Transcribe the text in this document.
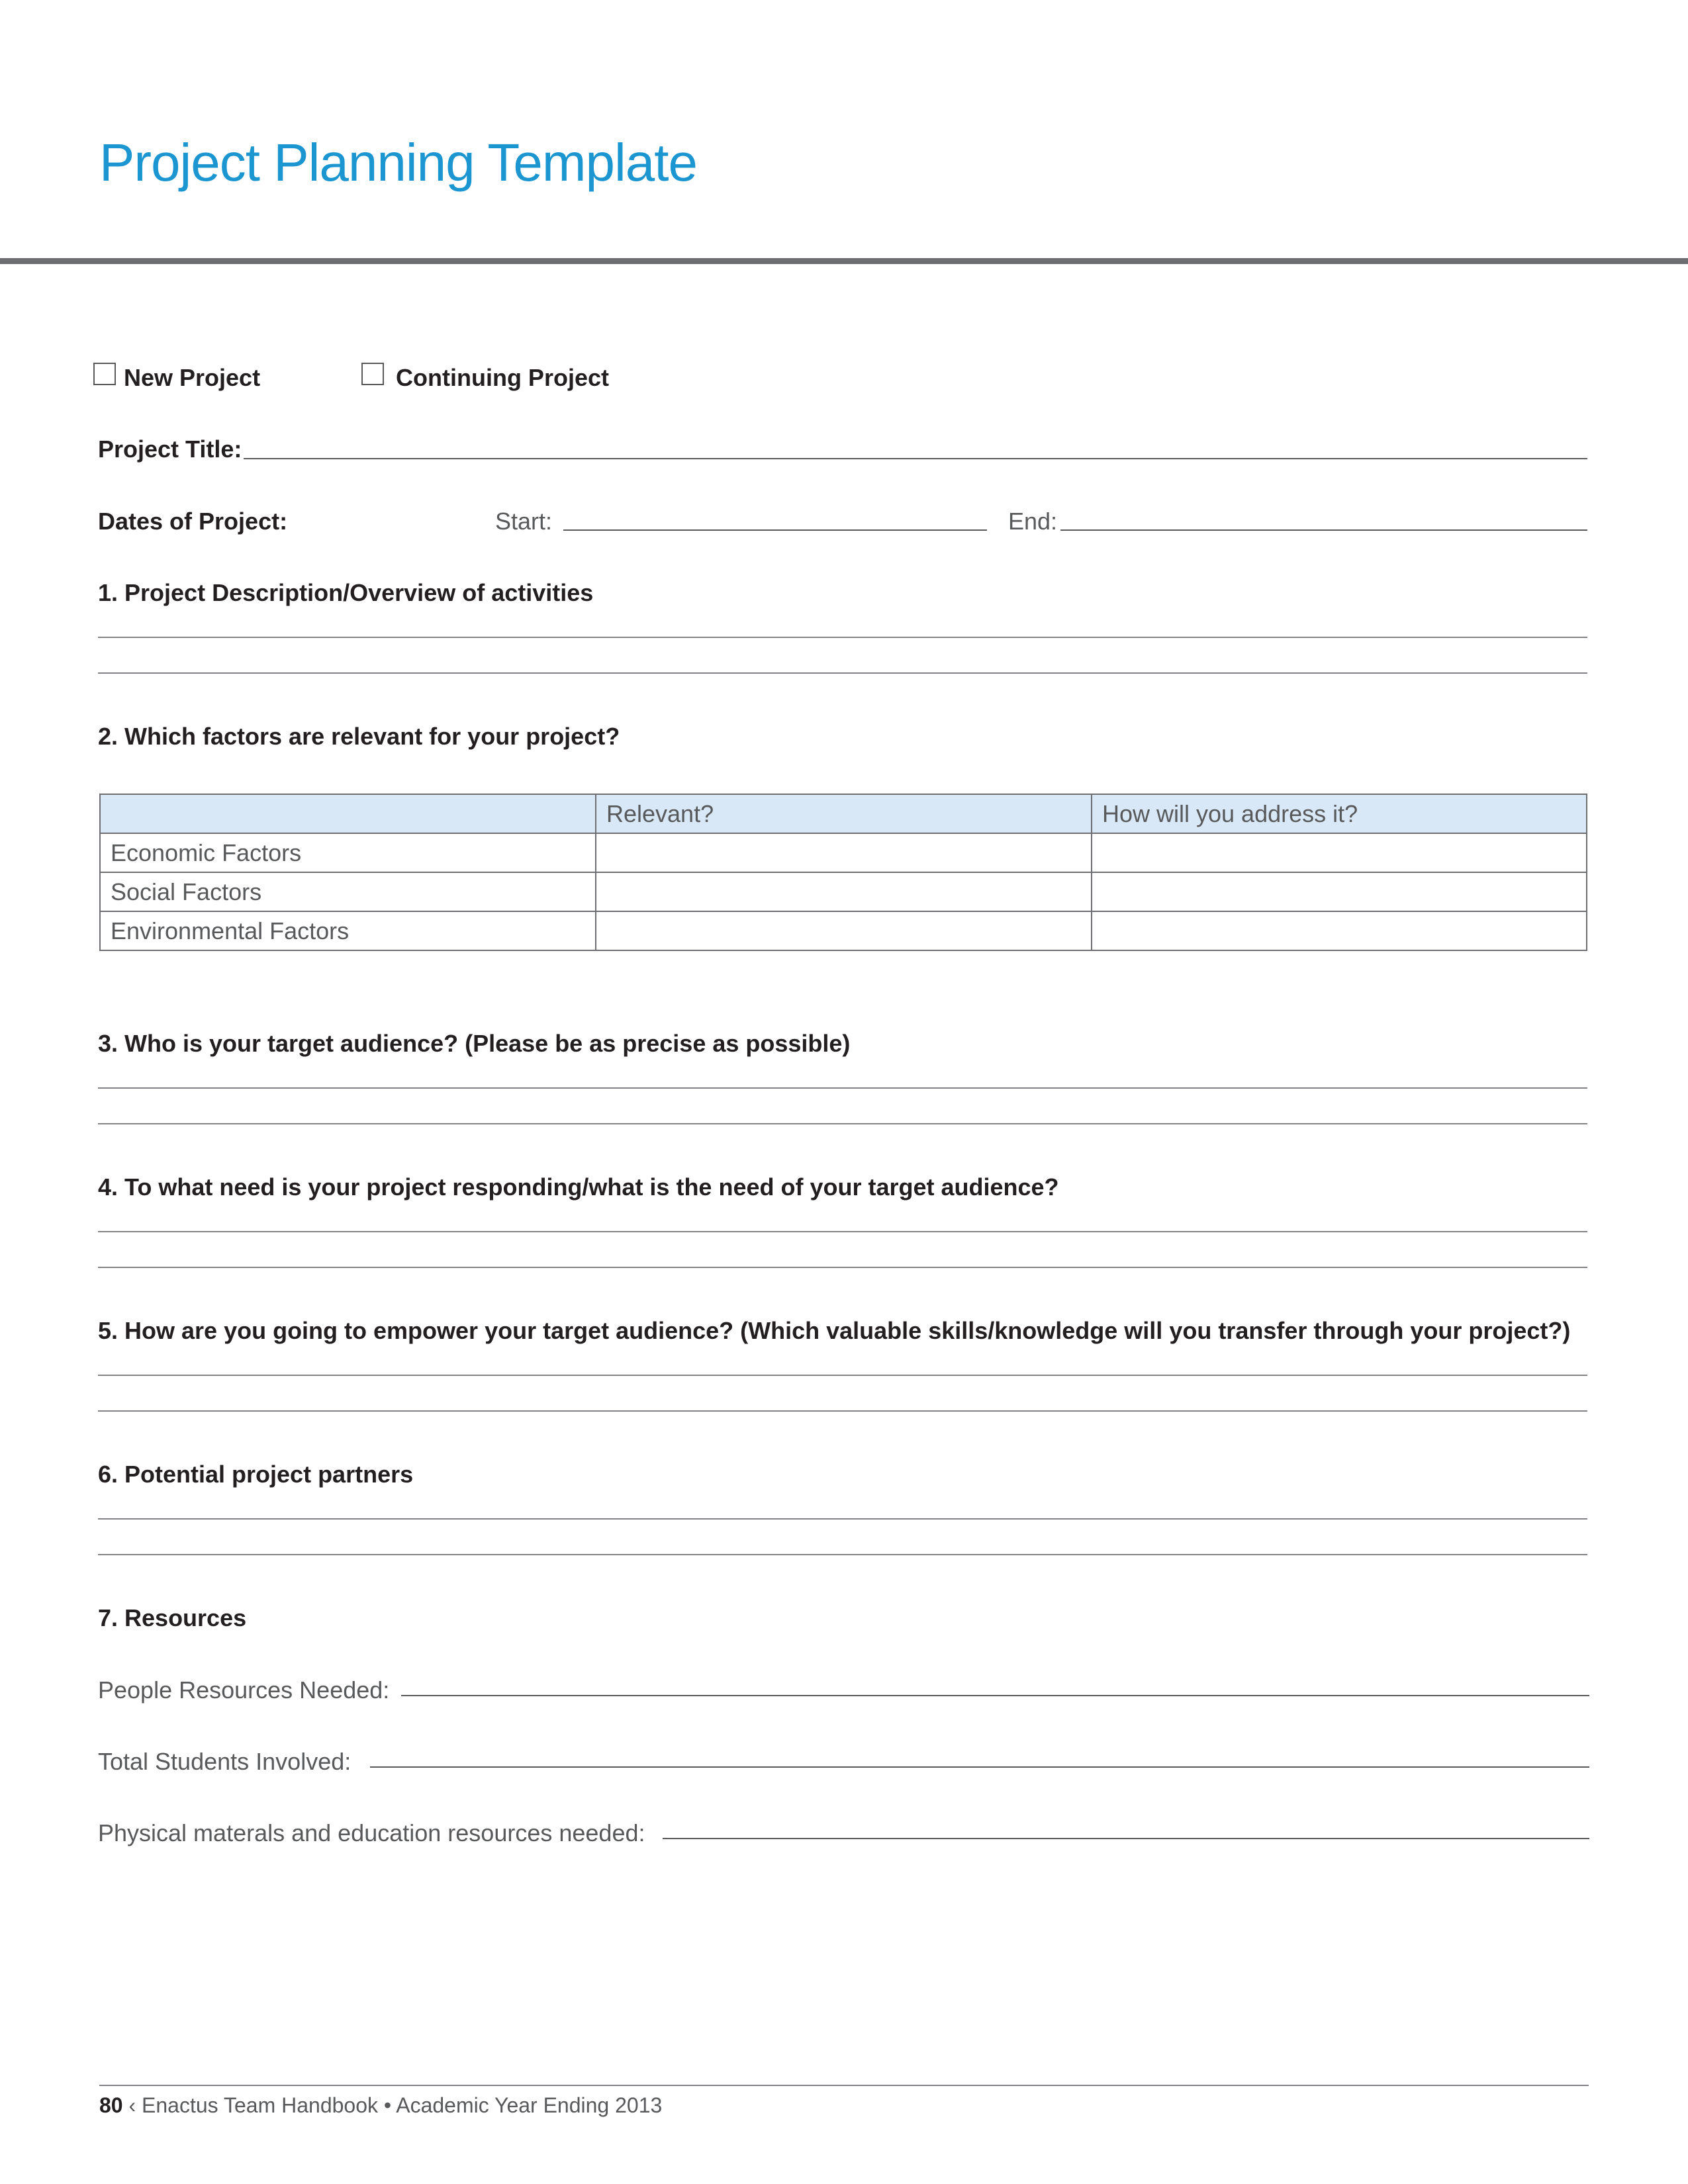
Project Planning Template
New Project	Continuing Project
Project Title:
Dates of Project:	Start:	End:
1. Project Description/Overview of activities
2. Which factors are relevant for your project?
	Relevant?	How will you address it?
Economic Factors		
Social Factors		
Environmental Factors		
3. Who is your target audience? (Please be as precise as possible)
4. To what need is your project responding/what is the need of your target audience?
5. How are you going to empower your target audience? (Which valuable skills/knowledge will you transfer through your project?)
6. Potential project partners
7. Resources
People Resources Needed:
Total Students Involved:
Physical materals and education resources needed:
80 ‹ Enactus Team Handbook • Academic Year Ending 2013
